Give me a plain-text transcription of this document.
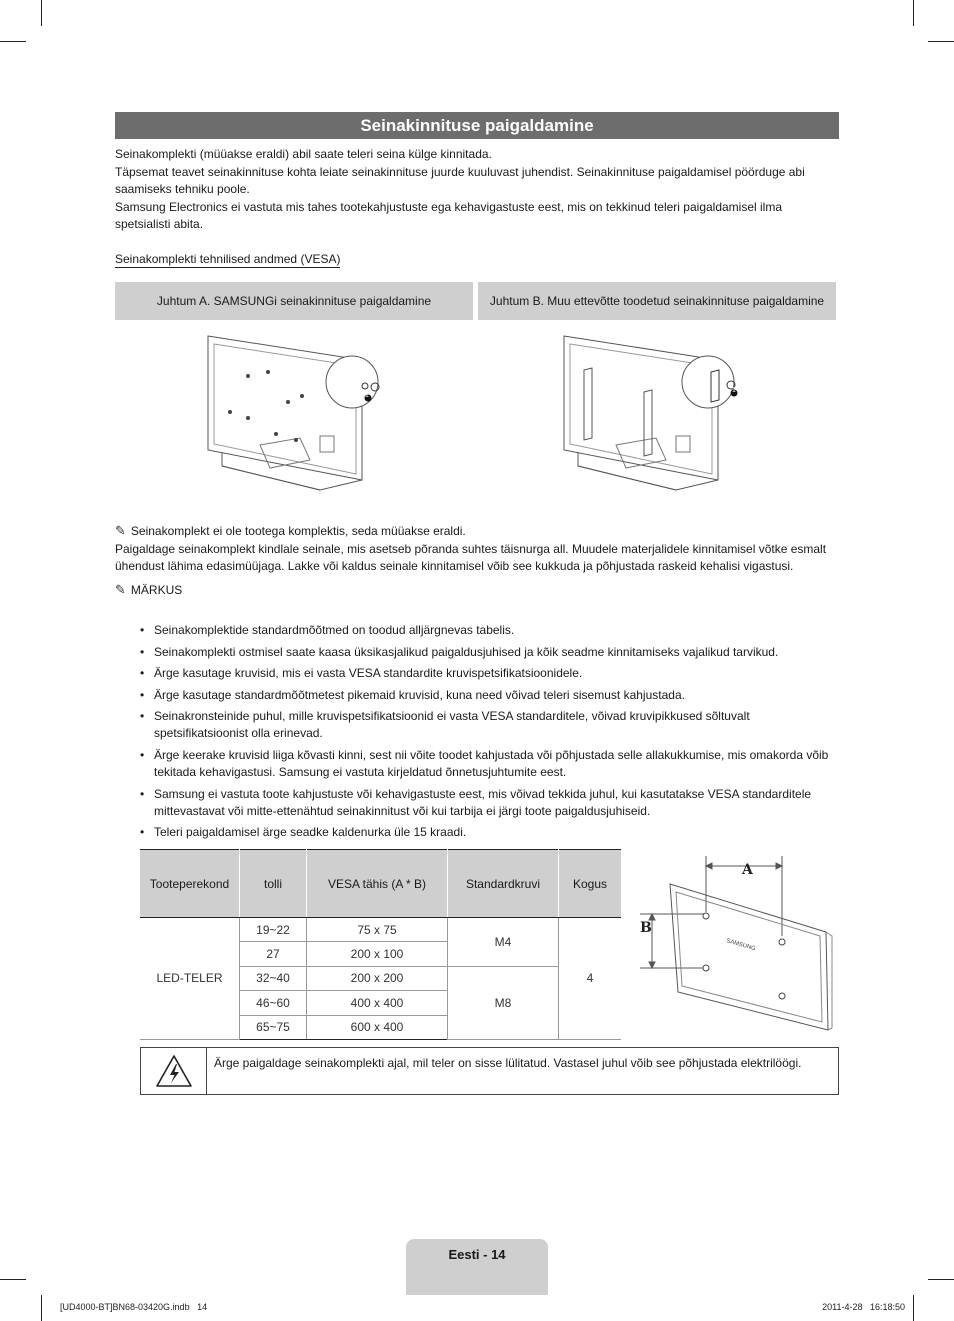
Seinakinnituse paigaldamine

Seinakomplekti (müüakse eraldi) abil saate teleri seina külge kinnitada.

Täpsemat teavet seinakinnituse kohta leiate seinakinnituse juurde kuuluvast juhendist. Seinakinnituse paigaldamisel pöörduge abi saamiseks tehniku poole.

Samsung Electronics ei vastuta mis tahes tootekahjustuste ega kehavigastuste eest, mis on tekkinud teleri paigaldamisel ilma spetsialisti abita.

Seinakomplekti tehnilised andmed (VESA)
Juhtum A. SAMSUNGi seinakinnituse paigaldamine	Juhtum B. Muu ettevõtte toodetud seinakinnituse paigaldamine
1
1

✎ Seinakomplekt ei ole tootega komplektis, seda müüakse eraldi.

Paigaldage seinakomplekt kindlale seinale, mis asetseb põranda suhtes täisnurga all. Muudele materjalidele kinnitamisel võtke esmalt ühendust lähima edasimüüjaga. Lakke või kaldus seinale kinnitamisel võib see kukkuda ja põhjustada raskeid kehalisi vigastusi.

✎ MÄRKUS

• Seinakomplektide standardmõõtmed on toodud alljärgnevas tabelis.
• Seinakomplekti ostmisel saate kaasa üksikasjalikud paigaldusjuhised ja kõik seadme kinnitamiseks vajalikud tarvikud.
• Ärge kasutage kruvisid, mis ei vasta VESA standardite kruvispetsifikatsioonidele.
• Ärge kasutage standardmõõtmetest pikemaid kruvisid, kuna need võivad teleri sisemust kahjustada.
• Seinakronsteinide puhul, mille kruvispetsifikatsioonid ei vasta VESA standarditele, võivad kruvipikkused sõltuvalt spetsifikatsioonist olla erinevad.
• Ärge keerake kruvisid liiga kõvasti kinni, sest nii võite toodet kahjustada või põhjustada selle allakukkumise, mis omakorda võib tekitada kehavigastusi. Samsung ei vastuta kirjeldatud õnnetusjuhtumite eest.
• Samsung ei vastuta toote kahjustuste või kehavigastuste eest, mis võivad tekkida juhul, kui kasutatakse VESA standarditele mittevastavat või mitte-ettenähtud seinakinnitust või kui tarbija ei järgi toote paigaldusjuhiseid.
• Teleri paigaldamisel ärge seadke kaldenurka üle 15 kraadi.
Tooteperekond	tolli	VESA tähis (A * B)	Standardkruvi	Kogus
LED-TELER	19~22	75 x 75	M4	4
	27	200 x 100		
	32~40	200 x 200	M8	
	46~60	400 x 400		
	65~75	600 x 400		
A
B
SAMSUNG
Ärge paigaldage seinakomplekti ajal, mil teler on sisse lülitatud. Vastasel juhul võib see põhjustada elektrilöögi.
Eesti - 14
[UD4000-BT]BN68-03420G.indb   14	2011-4-28   16:18:50
